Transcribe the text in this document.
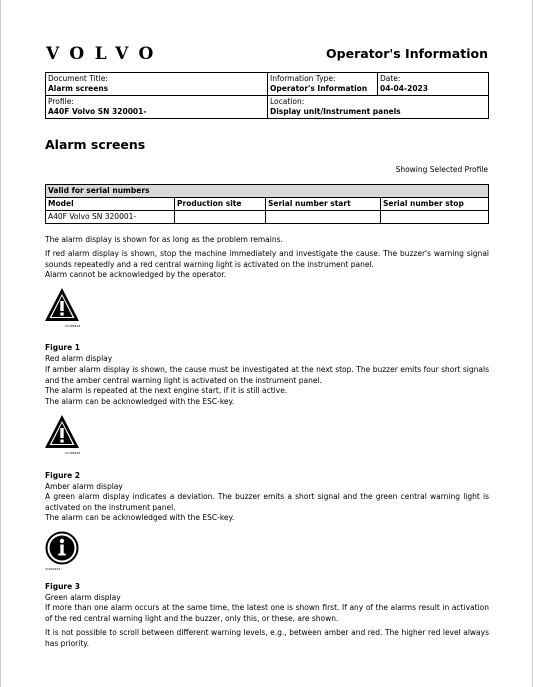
VOLVO	Operator's Information
Document Title:
Alarm screens	Information Type:
Operator's Information	Date:
04-04-2023

Profile:
A40F Volvo SN 320001-	Location:
Display unit/Instrument panels	
Alarm screens
Showing Selected Profile
Valid for serial numbers			
Model	Production site	Serial number start	Serial number stop
A40F Volvo SN 320001-			

The alarm display is shown for as long as the problem remains.

If red alarm display is shown, stop the machine immediately and investigate the cause. The buzzer's warning signal sounds repeatedly and a red central warning light is activated on the instrument panel.

Alarm cannot be acknowledged by the operator.

V1185624
Figure 1
Red alarm display

If amber alarm display is shown, the cause must be investigated at the next stop. The buzzer emits four short signals and the amber central warning light is activated on the instrument panel.

The alarm is repeated at the next engine start, if it is still active.

The alarm can be acknowledged with the ESC-key.

V1185624
Figure 2
Amber alarm display

A green alarm display indicates a deviation. The buzzer emits a short signal and the green central warning light is activated on the instrument panel.

The alarm can be acknowledged with the ESC-key.

V1091874
Figure 3
Green alarm display

If more than one alarm occurs at the same time, the latest one is shown first. If any of the alarms result in activation of the red central warning light and the buzzer, only this, or these, are shown.

It is not possible to scroll between different warning levels, e.g., between amber and red. The higher red level always has priority.
